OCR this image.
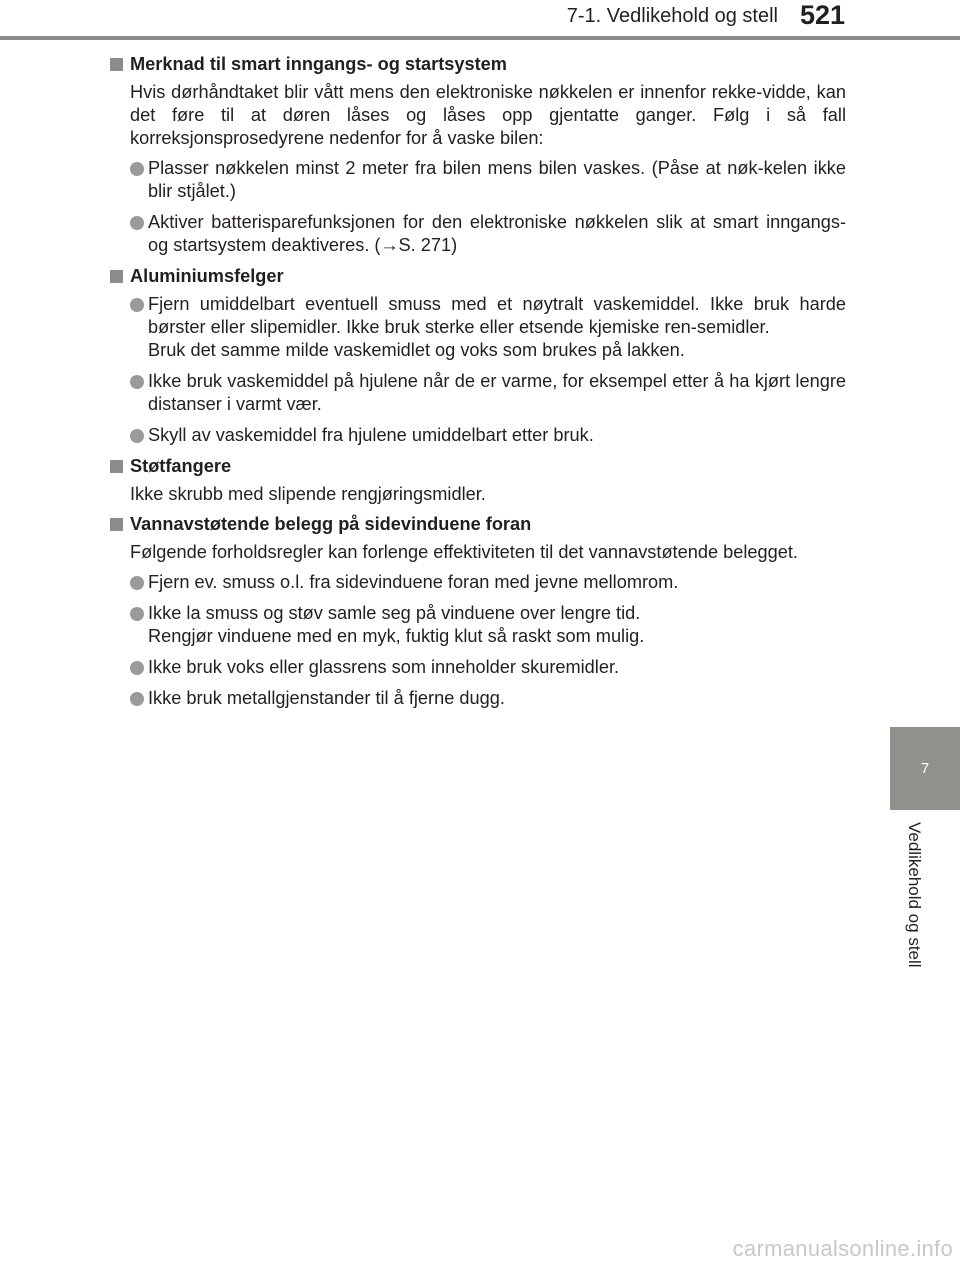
7-1. Vedlikehold og stell 521
7
Vedlikehold og stell
Merknad til smart inngangs- og startsystem
Hvis dørhåndtaket blir vått mens den elektroniske nøkkelen er innenfor rekke-vidde, kan det føre til at døren låses og låses opp gjentatte ganger. Følg i så fall korreksjonsprosedyrene nedenfor for å vaske bilen:
Plasser nøkkelen minst 2 meter fra bilen mens bilen vaskes. (Påse at nøk-kelen ikke blir stjålet.)
Aktiver batterisparefunksjonen for den elektroniske nøkkelen slik at smart inngangs- og startsystem deaktiveres. (→S. 271)
Aluminiumsfelger
Fjern umiddelbart eventuell smuss med et nøytralt vaskemiddel. Ikke bruk harde børster eller slipemidler. Ikke bruk sterke eller etsende kjemiske ren-semidler.
Bruk det samme milde vaskemidlet og voks som brukes på lakken.
Ikke bruk vaskemiddel på hjulene når de er varme, for eksempel etter å ha kjørt lengre distanser i varmt vær.
Skyll av vaskemiddel fra hjulene umiddelbart etter bruk.
Støtfangere
Ikke skrubb med slipende rengjøringsmidler.
Vannavstøtende belegg på sidevinduene foran
Følgende forholdsregler kan forlenge effektiviteten til det vannavstøtende belegget.
Fjern ev. smuss o.l. fra sidevinduene foran med jevne mellomrom.
Ikke la smuss og støv samle seg på vinduene over lengre tid.
Rengjør vinduene med en myk, fuktig klut så raskt som mulig.
Ikke bruk voks eller glassrens som inneholder skuremidler.
Ikke bruk metallgjenstander til å fjerne dugg.
carmanualsonline.info
